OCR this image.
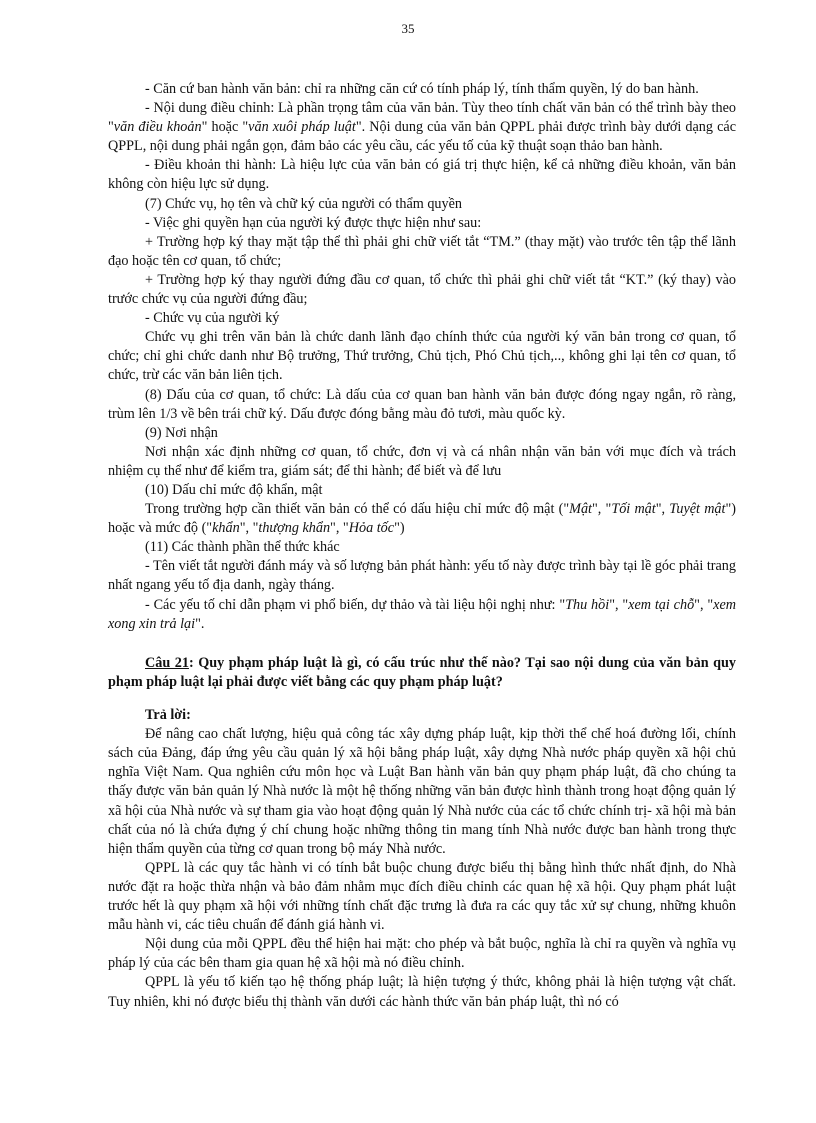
35

- Căn cứ ban hành văn bản: chỉ ra những căn cứ có tính pháp lý, tính thẩm quyền, lý do ban hành.

- Nội dung điều chỉnh: Là phần trọng tâm của văn bản. Tùy theo tính chất văn bản có thể trình bày theo "văn điều khoản" hoặc "văn xuôi pháp luật". Nội dung của văn bản QPPL phải được trình bày dưới dạng các QPPL, nội dung phải ngắn gọn, đảm bảo các yêu cầu, các yếu tố của kỹ thuật soạn thảo ban hành.

- Điều khoản thi hành: Là hiệu lực của văn bản có giá trị thực hiện, kể cả những điều khoản, văn bản không còn hiệu lực sử dụng.

(7) Chức vụ, họ tên và chữ ký của người có thẩm quyền

- Việc ghi quyền hạn của người ký được thực hiện như sau:

+ Trường hợp ký thay mặt tập thể thì phải ghi chữ viết tắt “TM.” (thay mặt) vào trước tên tập thể lãnh đạo hoặc tên cơ quan, tổ chức;

+ Trường hợp ký thay người đứng đầu cơ quan, tổ chức thì phải ghi chữ viết tắt “KT.” (ký thay) vào trước chức vụ của người đứng đầu;

- Chức vụ của người ký

Chức vụ ghi trên văn bản là chức danh lãnh đạo chính thức của người ký văn bản trong cơ quan, tổ chức; chỉ ghi chức danh như Bộ trưởng, Thứ trưởng, Chủ tịch, Phó Chủ tịch,.., không ghi lại tên cơ quan, tổ chức, trừ các văn bản liên tịch.

(8) Dấu của cơ quan, tổ chức: Là dấu của cơ quan ban hành văn bản được đóng ngay ngắn, rõ ràng, trùm lên 1/3 về bên trái chữ ký. Dấu được đóng bằng màu đỏ tươi, màu quốc kỳ.

(9) Nơi nhận

Nơi nhận xác định những cơ quan, tổ chức, đơn vị và cá nhân nhận văn bản với mục đích và trách nhiệm cụ thể như để kiểm tra, giám sát; để thi hành; để biết và để lưu

(10) Dấu chỉ mức độ khẩn, mật

Trong trường hợp cần thiết văn bản có thể có dấu hiệu chỉ mức độ mật ("Mật", "Tối mật", Tuyệt mật") hoặc và mức độ ("khẩn", "thượng khẩn", "Hỏa tốc")

(11) Các thành phần thể thức khác

- Tên viết tắt người đánh máy và số lượng bản phát hành: yếu tố này được trình bày tại lề góc phải trang nhất ngang yếu tố địa danh, ngày tháng.

- Các yếu tố chỉ dẫn phạm vi phổ biến, dự thảo và tài liệu hội nghị như: "Thu hồi", "xem tại chỗ", "xem xong xin trả lại".

Câu 21: Quy phạm pháp luật là gì, có cấu trúc như thế nào? Tại sao nội dung của văn bản quy phạm pháp luật lại phải được viết bằng các quy phạm pháp luật?

Trả lời:

Để nâng cao chất lượng, hiệu quả công tác xây dựng pháp luật, kịp thời thể chế hoá đường lối, chính sách của Đảng, đáp ứng yêu cầu quản lý xã hội bằng pháp luật, xây dựng Nhà nước pháp quyền xã hội chủ nghĩa Việt Nam. Qua nghiên cứu môn học và Luật Ban hành văn bản quy phạm pháp luật, đã cho chúng ta thấy được văn bản quản lý Nhà nước là một hệ thống những văn bản được hình thành trong hoạt động quản lý xã hội của Nhà nước và sự tham gia vào hoạt động quản lý Nhà nước của các tổ chức chính trị- xã hội mà bản chất của nó là chứa đựng ý chí chung hoặc những thông tin mang tính Nhà nước được ban hành trong thực hiện thẩm quyền của từng cơ quan trong bộ máy Nhà nước.

QPPL là các quy tắc hành vi có tính bắt buộc chung được biểu thị bằng hình thức nhất định, do Nhà nước đặt ra hoặc thừa nhận và bảo đảm nhằm mục đích điều chỉnh các quan hệ xã hội. Quy phạm phát luật trước hết là quy phạm xã hội với những tính chất đặc trưng là đưa ra các quy tắc xử sự chung, những khuôn mẫu hành vi, các tiêu chuẩn để đánh giá hành vi.

Nội dung của mỗi QPPL đều thể hiện hai mặt: cho phép và bắt buộc, nghĩa là chỉ ra quyền và nghĩa vụ pháp lý của các bên tham gia quan hệ xã hội mà nó điều chỉnh.

QPPL là yếu tố kiến tạo hệ thống pháp luật; là hiện tượng ý thức, không phải là hiện tượng vật chất. Tuy nhiên, khi nó được biểu thị thành văn dưới các hành thức văn bản pháp luật, thì nó có
